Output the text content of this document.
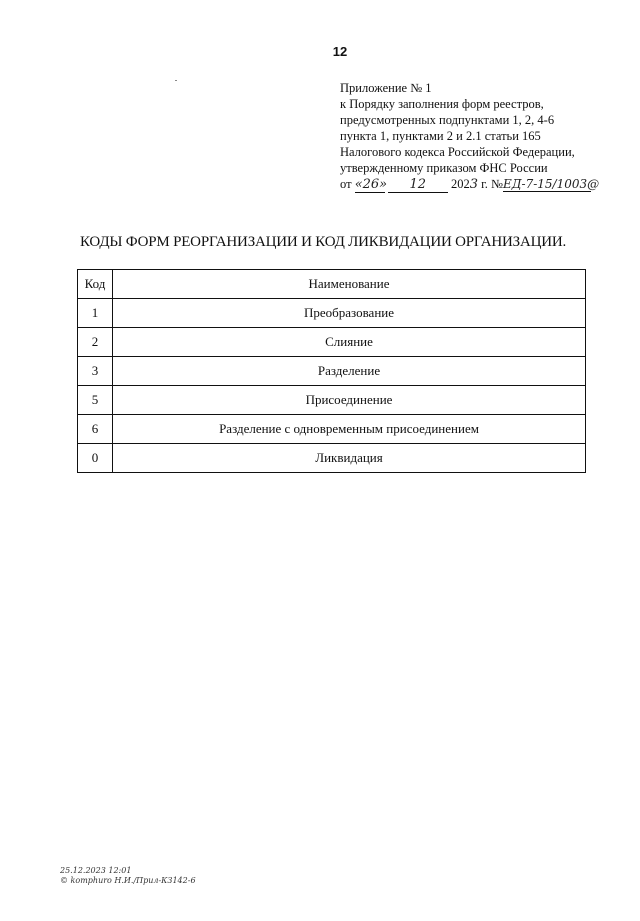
12
Приложение № 1
к Порядку заполнения форм реестров,
предусмотренных подпунктами 1, 2, 4-6
пункта 1, пунктами 2 и 2.1 статьи 165
Налогового кодекса Российской Федерации,
утвержденному приказом ФНС России
от «26» 12 2023 г. №ЕД-7-15/1003@
КОДЫ ФОРМ РЕОРГАНИЗАЦИИ И КОД ЛИКВИДАЦИИ ОРГАНИЗАЦИИ.
Код	Наименование
1	Преобразование
2	Слияние
3	Разделение
5	Присоединение
6	Разделение с одновременным присоединением
0	Ликвидация
25.12.2023 12:01
© komphuro Н.И./Прил-К3142-6
